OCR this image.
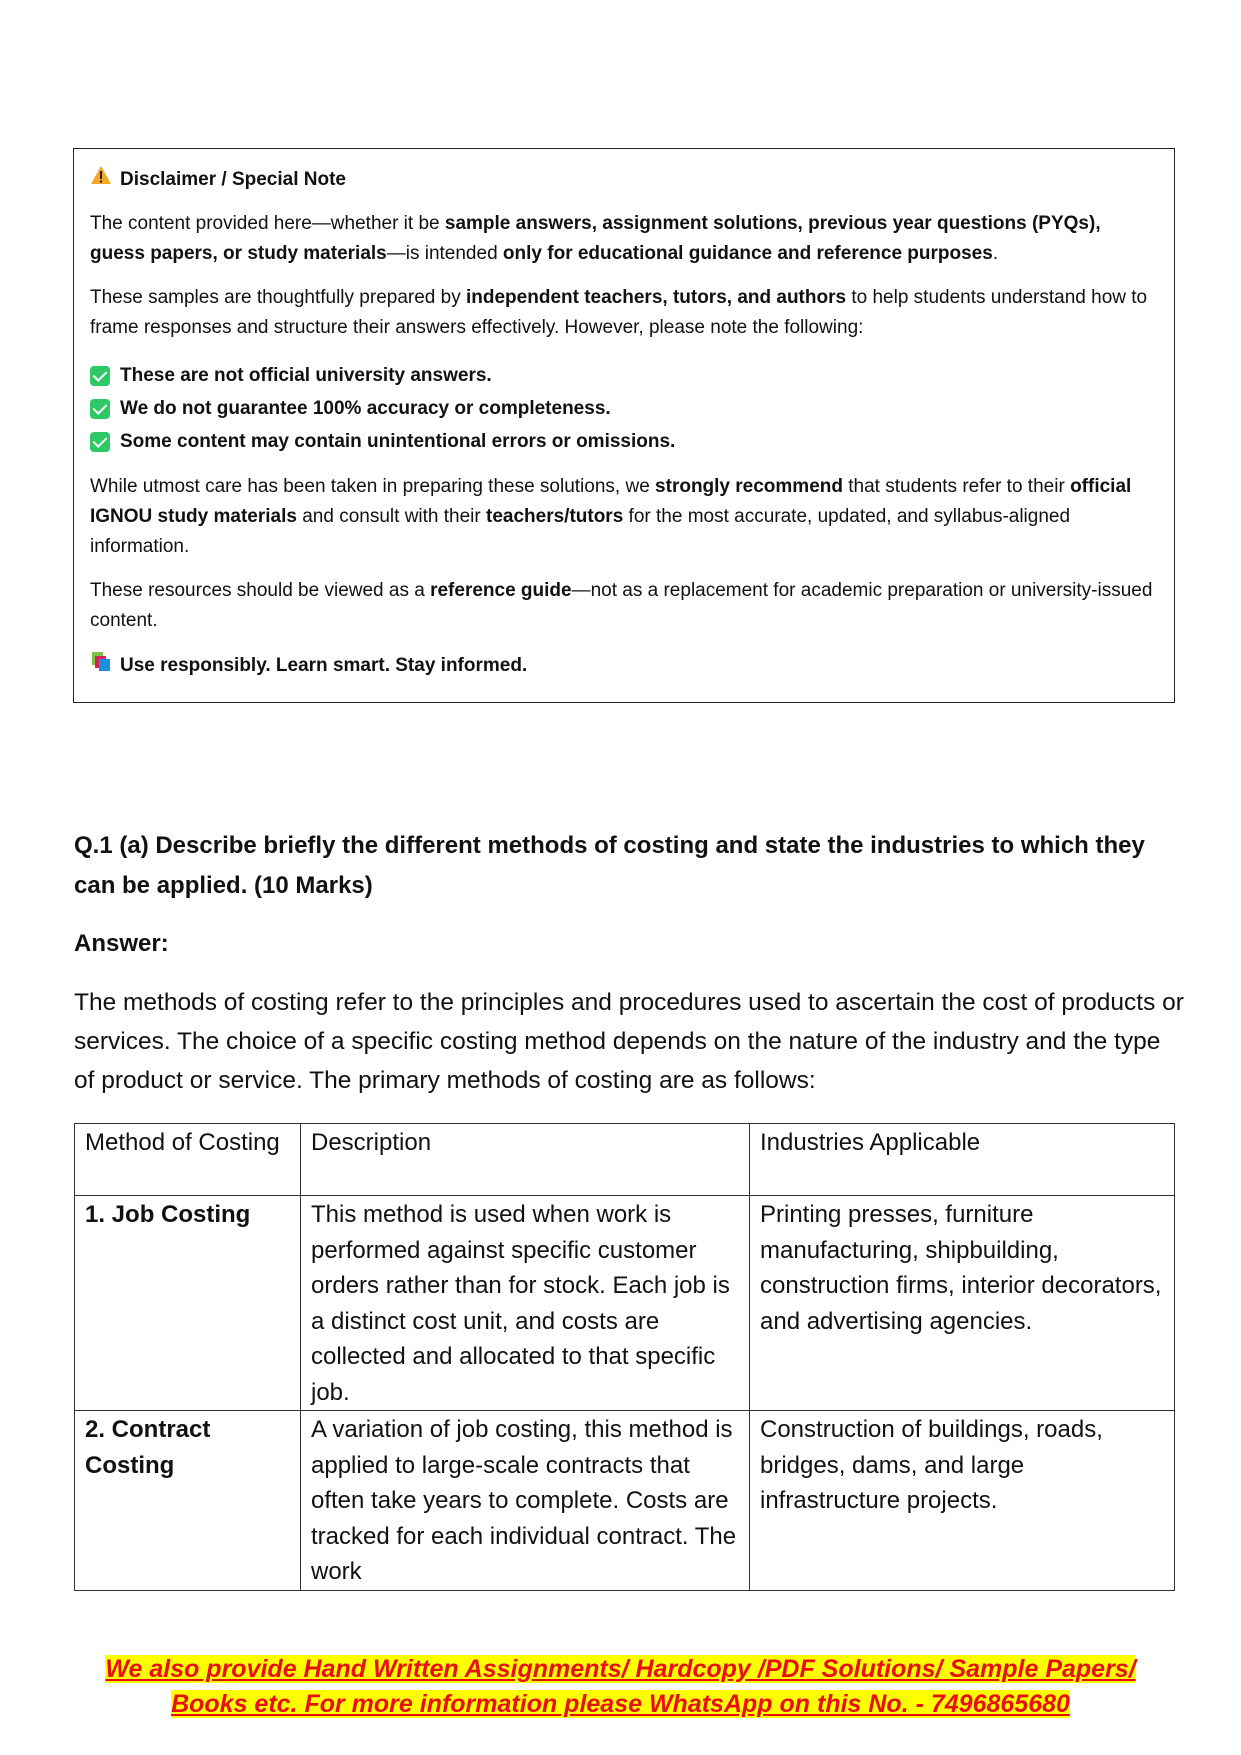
Disclaimer / Special Note

The content provided here—whether it be sample answers, assignment solutions, previous year questions (PYQs), guess papers, or study materials—is intended only for educational guidance and reference purposes.

These samples are thoughtfully prepared by independent teachers, tutors, and authors to help students understand how to frame responses and structure their answers effectively. However, please note the following:

These are not official university answers.
We do not guarantee 100% accuracy or completeness.
Some content may contain unintentional errors or omissions.

While utmost care has been taken in preparing these solutions, we strongly recommend that students refer to their official IGNOU study materials and consult with their teachers/tutors for the most accurate, updated, and syllabus-aligned information.

These resources should be viewed as a reference guide—not as a replacement for academic preparation or university-issued content.

Use responsibly. Learn smart. Stay informed.
Q.1 (a) Describe briefly the different methods of costing and state the industries to which they can be applied. (10 Marks)
Answer:
The methods of costing refer to the principles and procedures used to ascertain the cost of products or services. The choice of a specific costing method depends on the nature of the industry and the type of product or service. The primary methods of costing are as follows:
Method of Costing	Description	Industries Applicable
1. Job Costing	This method is used when work is performed against specific customer orders rather than for stock. Each job is a distinct cost unit, and costs are collected and allocated to that specific job.	Printing presses, furniture manufacturing, shipbuilding, construction firms, interior decorators, and advertising agencies.
2. Contract Costing	A variation of job costing, this method is applied to large-scale contracts that often take years to complete. Costs are tracked for each individual contract. The work	Construction of buildings, roads, bridges, dams, and large infrastructure projects.
We also provide Hand Written Assignments/ Hardcopy /PDF Solutions/ Sample Papers/
Books etc. For more information please WhatsApp on this No. - 7496865680
